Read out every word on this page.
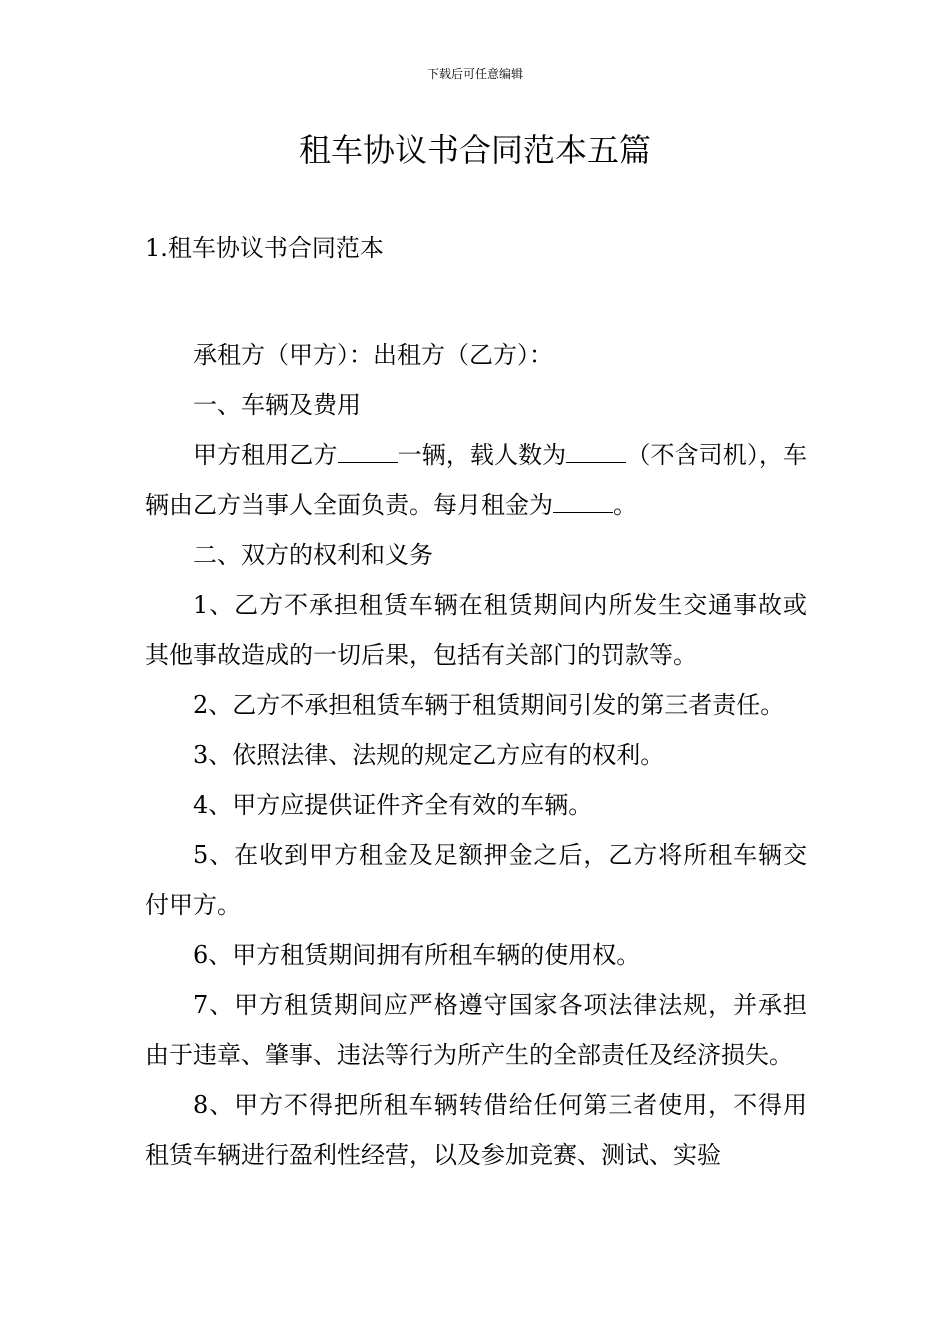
下载后可任意编辑
租车协议书合同范本五篇
1.租车协议书合同范本

承租方（甲方）：出租方（乙方）：

一、车辆及费用

甲方租用乙方	一辆，载人数为	（不含司机），车辆由乙方当事人全面负责。每月租金为	。

二、双方的权利和义务

1、乙方不承担租赁车辆在租赁期间内所发生交通事故或其他事故造成的一切后果，包括有关部门的罚款等。

2、乙方不承担租赁车辆于租赁期间引发的第三者责任。

3、依照法律、法规的规定乙方应有的权利。

4、甲方应提供证件齐全有效的车辆。

5、在收到甲方租金及足额押金之后，乙方将所租车辆交付甲方。

6、甲方租赁期间拥有所租车辆的使用权。

7、甲方租赁期间应严格遵守国家各项法律法规，并承担由于违章、肇事、违法等行为所产生的全部责任及经济损失。

8、甲方不得把所租车辆转借给任何第三者使用，不得用租赁车辆进行盈利性经营，以及参加竞赛、测试、实验
